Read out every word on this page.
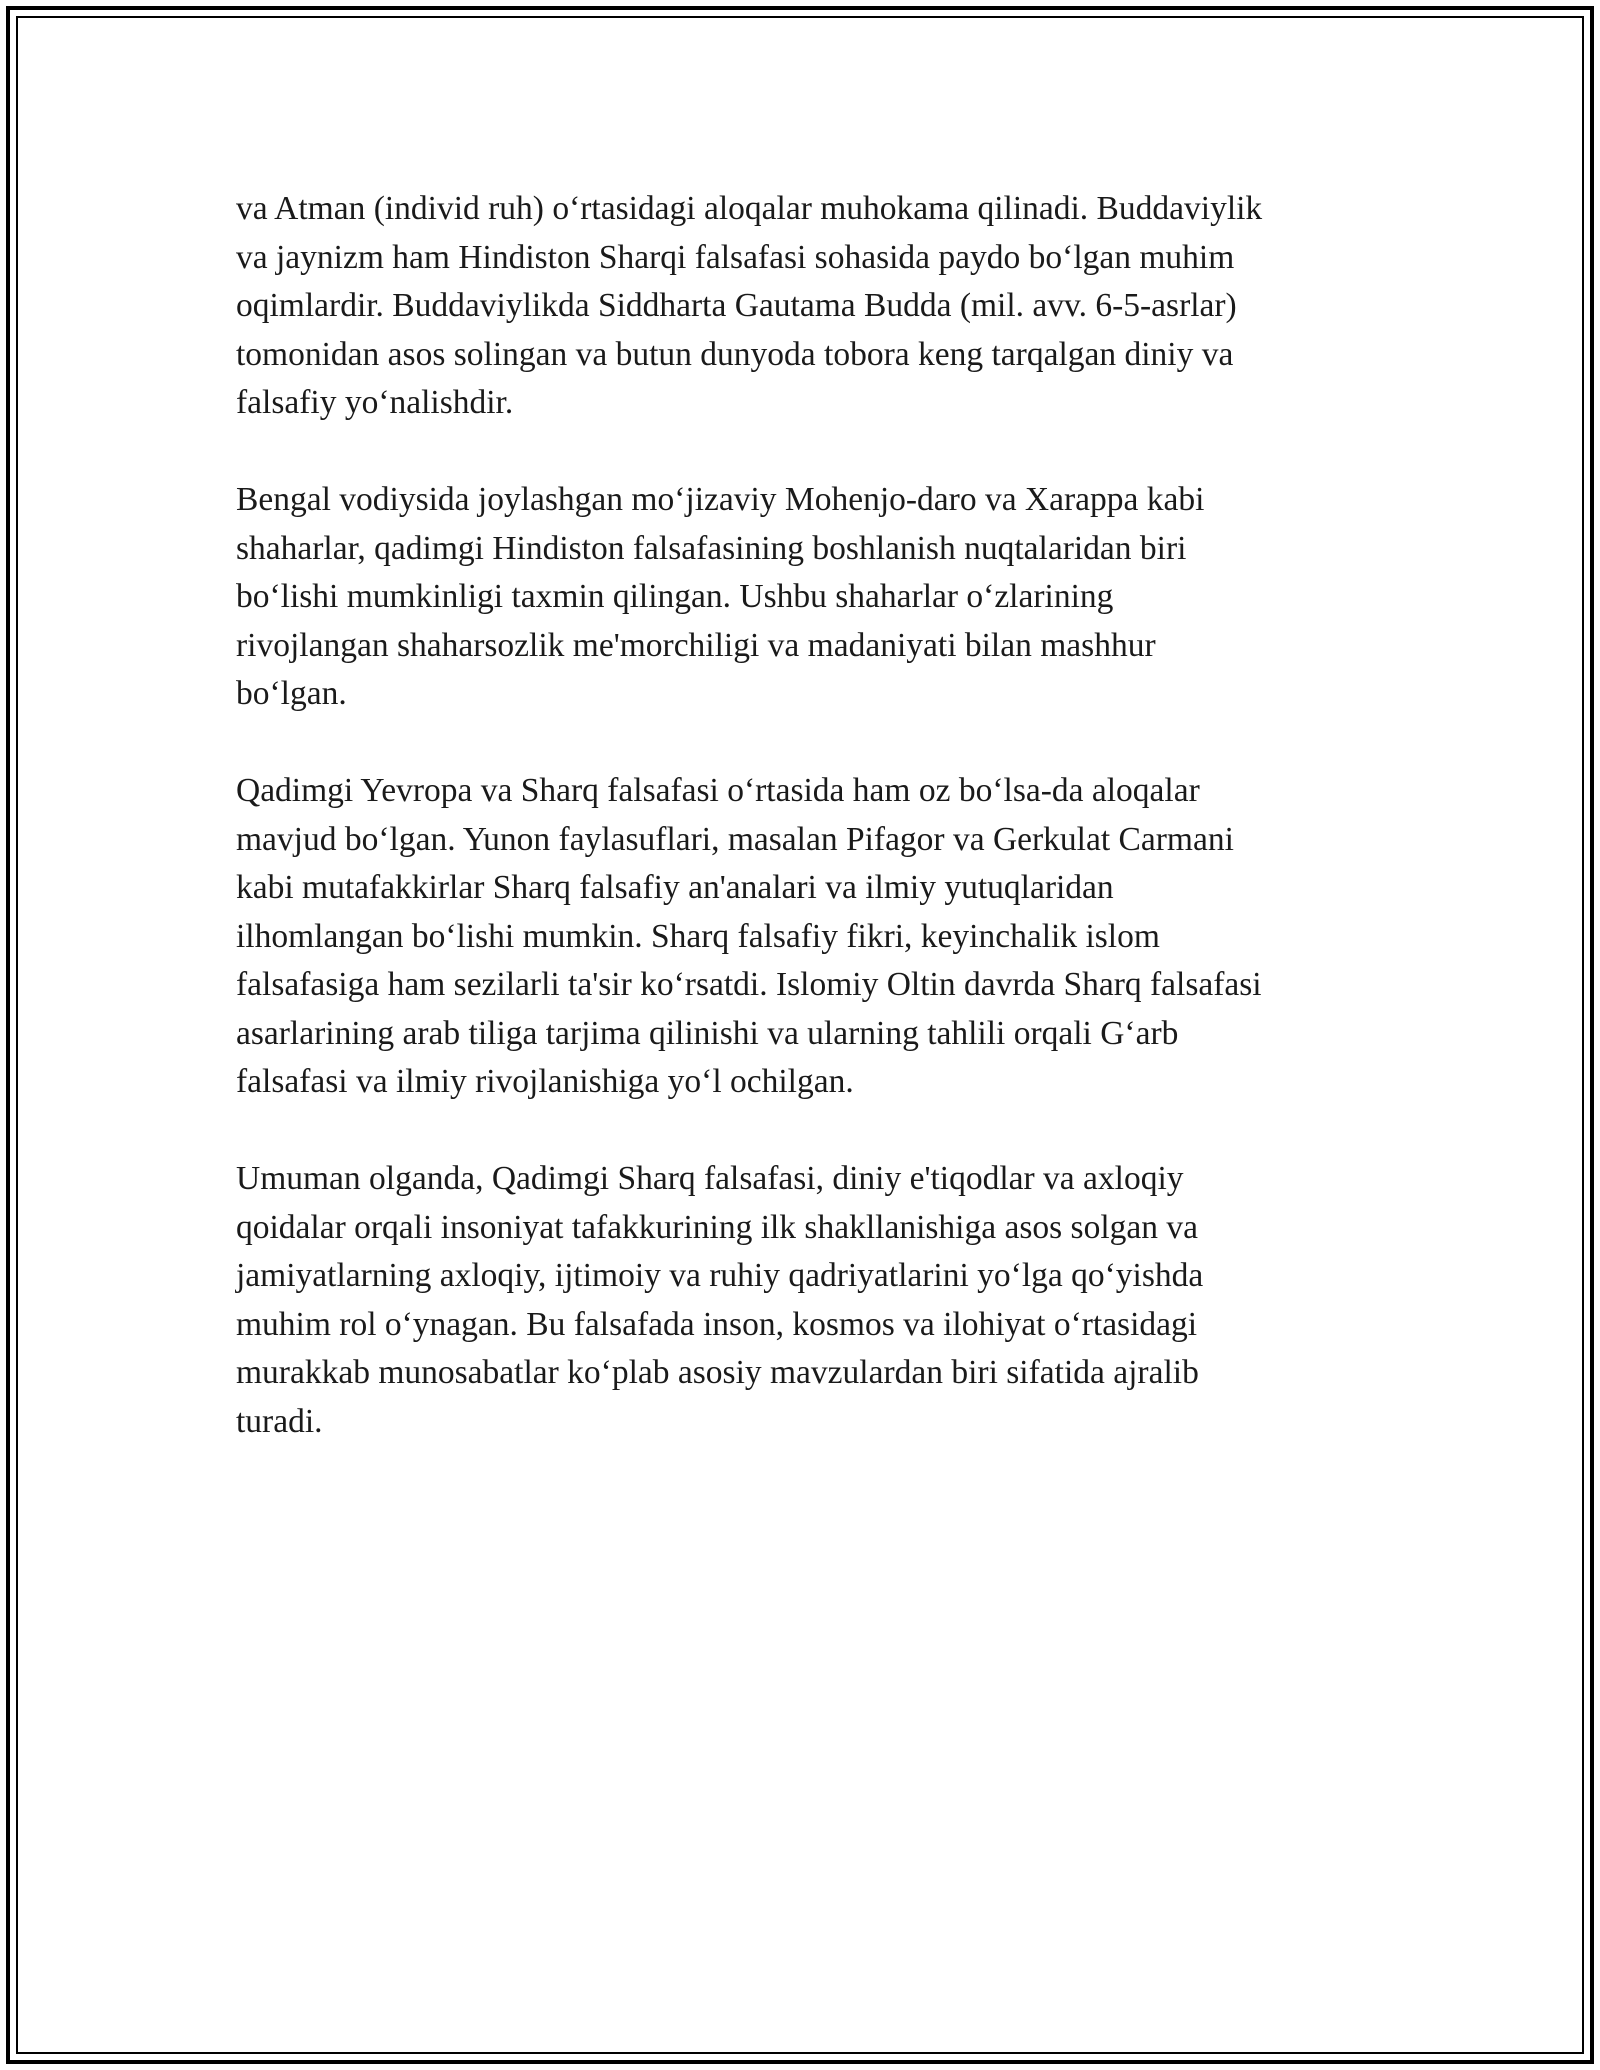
va Atman (individ ruh) o‘rtasidagi aloqalar muhokama qilinadi. Buddaviylik
va jaynizm ham Hindiston Sharqi falsafasi sohasida paydo bo‘lgan muhim
oqimlardir. Buddaviylikda Siddharta Gautama Budda (mil. avv. 6-5-asrlar)
tomonidan asos solingan va butun dunyoda tobora keng tarqalgan diniy va
falsafiy yo‘nalishdir.

Bengal vodiysida joylashgan mo‘jizaviy Mohenjo-daro va Xarappa kabi
shaharlar, qadimgi Hindiston falsafasining boshlanish nuqtalaridan biri
bo‘lishi mumkinligi taxmin qilingan. Ushbu shaharlar o‘zlarining
rivojlangan shaharsozlik me'morchiligi va madaniyati bilan mashhur
bo‘lgan.

Qadimgi Yevropa va Sharq falsafasi o‘rtasida ham oz bo‘lsa-da aloqalar
mavjud bo‘lgan. Yunon faylasuflari, masalan Pifagor va Gerkulat Carmani
kabi mutafakkirlar Sharq falsafiy an'analari va ilmiy yutuqlaridan
ilhomlangan bo‘lishi mumkin. Sharq falsafiy fikri, keyinchalik islom
falsafasiga ham sezilarli ta'sir ko‘rsatdi. Islomiy Oltin davrda Sharq falsafasi
asarlarining arab tiliga tarjima qilinishi va ularning tahlili orqali G‘arb
falsafasi va ilmiy rivojlanishiga yo‘l ochilgan.

Umuman olganda, Qadimgi Sharq falsafasi, diniy e'tiqodlar va axloqiy
qoidalar orqali insoniyat tafakkurining ilk shakllanishiga asos solgan va
jamiyatlarning axloqiy, ijtimoiy va ruhiy qadriyatlarini yo‘lga qo‘yishda
muhim rol o‘ynagan. Bu falsafada inson, kosmos va ilohiyat o‘rtasidagi
murakkab munosabatlar ko‘plab asosiy mavzulardan biri sifatida ajralib
turadi.
